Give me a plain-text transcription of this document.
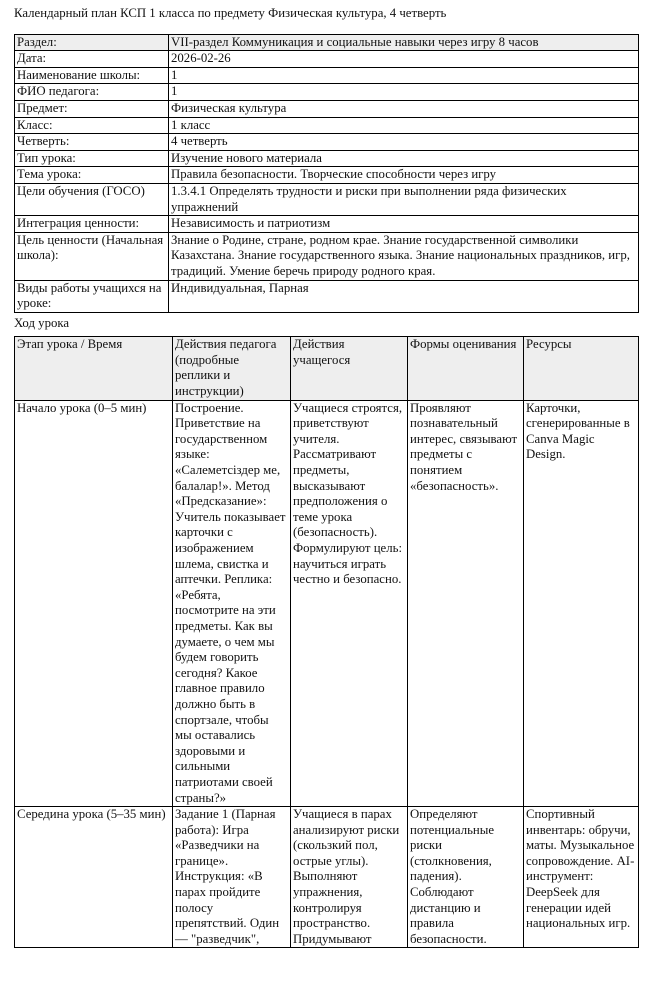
Календарный план КСП 1 класса по предмету Физическая культура, 4 четверть
Раздел:	VII-раздел Коммуникация и социальные навыки через игру 8 часов
Дата:	2026-02-26
Наименование школы:	1
ФИО педагога:	1
Предмет:	Физическая культура
Класс:	1 класс
Четверть:	4 четверть
Тип урока:	Изучение нового материала
Тема урока:	Правила безопасности. Творческие способности через игру
Цели обучения (ГОСО)	1.3.4.1 Определять трудности и риски при выполнении ряда физических упражнений
Интеграция ценности:	Независимость и патриотизм
Цель ценности (Начальная школа):	Знание о Родине, стране, родном крае. Знание государственной символики Казахстана. Знание государственного языка. Знание национальных праздников, игр, традиций. Умение беречь природу родного края.
Виды работы учащихся на уроке:	Индивидуальная, Парная
Ход урока
Этап урока / Время	Действия педагога (подробные реплики и инструкции)	Действия учащегося	Формы оценивания	Ресурсы
Начало урока (0–5 мин)	Построение. Приветствие на государственном языке: «Салеметсіздер ме, балалар!». Метод «Предсказание»: Учитель показывает карточки с изображением шлема, свистка и аптечки. Реплика: «Ребята, посмотрите на эти предметы. Как вы думаете, о чем мы будем говорить сегодня? Какое главное правило должно быть в спортзале, чтобы мы оставались здоровыми и сильными патриотами своей страны?»	Учащиеся строятся, приветствуют учителя. Рассматривают предметы, высказывают предположения о теме урока (безопасность). Формулируют цель: научиться играть честно и безопасно.	Проявляют познавательный интерес, связывают предметы с понятием «безопасность».	Карточки, сгенерированные в Canva Magic Design.
Середина урока (5–35 мин)	Задание 1 (Парная работа): Игра «Разведчики на границе». Инструкция: «В парах пройдите полосу препятствий. Один — "разведчик",	Учащиеся в парах анализируют риски (скользкий пол, острые углы). Выполняют упражнения, контролируя пространство. Придумывают	Определяют потенциальные риски (столкновения, падения). Соблюдают дистанцию и правила безопасности.	Спортивный инвентарь: обручи, маты. Музыкальное сопровождение. AI-инструмент: DeepSeek для генерации идей национальных игр.
